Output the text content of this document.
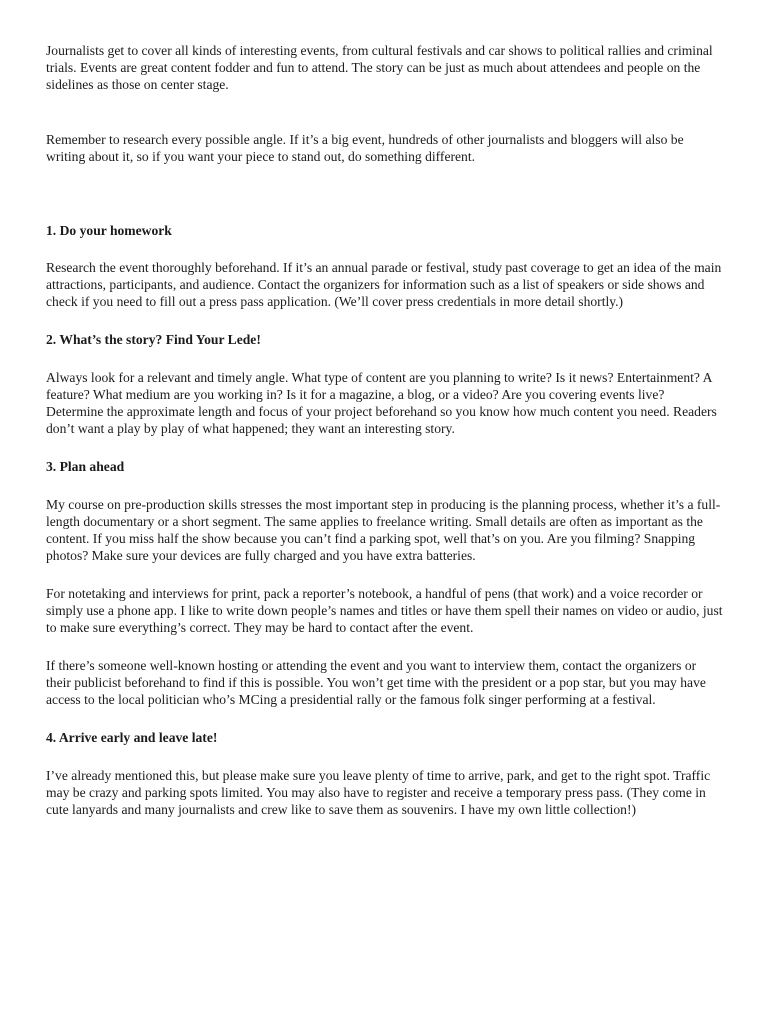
Journalists get to cover all kinds of interesting events, from cultural festivals and car shows to political rallies and criminal trials. Events are great content fodder and fun to attend. The story can be just as much about attendees and people on the sidelines as those on center stage.

Remember to research every possible angle. If it’s a big event, hundreds of other journalists and bloggers will also be writing about it, so if you want your piece to stand out, do something different.

1. Do your homework

Research the event thoroughly beforehand. If it’s an annual parade or festival, study past coverage to get an idea of the main attractions, participants, and audience. Contact the organizers for information such as a list of speakers or side shows and check if you need to fill out a press pass application. (We’ll cover press credentials in more detail shortly.)

2. What’s the story? Find Your Lede!

Always look for a relevant and timely angle. What type of content are you planning to write? Is it news? Entertainment? A feature? What medium are you working in? Is it for a magazine, a blog, or a video? Are you covering events live? Determine the approximate length and focus of your project beforehand so you know how much content you need. Readers don’t want a play by play of what happened; they want an interesting story.

3. Plan ahead

My course on pre-production skills stresses the most important step in producing is the planning process, whether it’s a full-length documentary or a short segment. The same applies to freelance writing. Small details are often as important as the content. If you miss half the show because you can’t find a parking spot, well that’s on you. Are you filming? Snapping photos? Make sure your devices are fully charged and you have extra batteries.

For notetaking and interviews for print, pack a reporter’s notebook, a handful of pens (that work) and a voice recorder or simply use a phone app. I like to write down people’s names and titles or have them spell their names on video or audio, just to make sure everything’s correct. They may be hard to contact after the event.

If there’s someone well-known hosting or attending the event and you want to interview them, contact the organizers or their publicist beforehand to find if this is possible. You won’t get time with the president or a pop star, but you may have access to the local politician who’s MCing a presidential rally or the famous folk singer performing at a festival.

4. Arrive early and leave late!

I’ve already mentioned this, but please make sure you leave plenty of time to arrive, park, and get to the right spot. Traffic may be crazy and parking spots limited. You may also have to register and receive a temporary press pass. (They come in cute lanyards and many journalists and crew like to save them as souvenirs. I have my own little collection!)
